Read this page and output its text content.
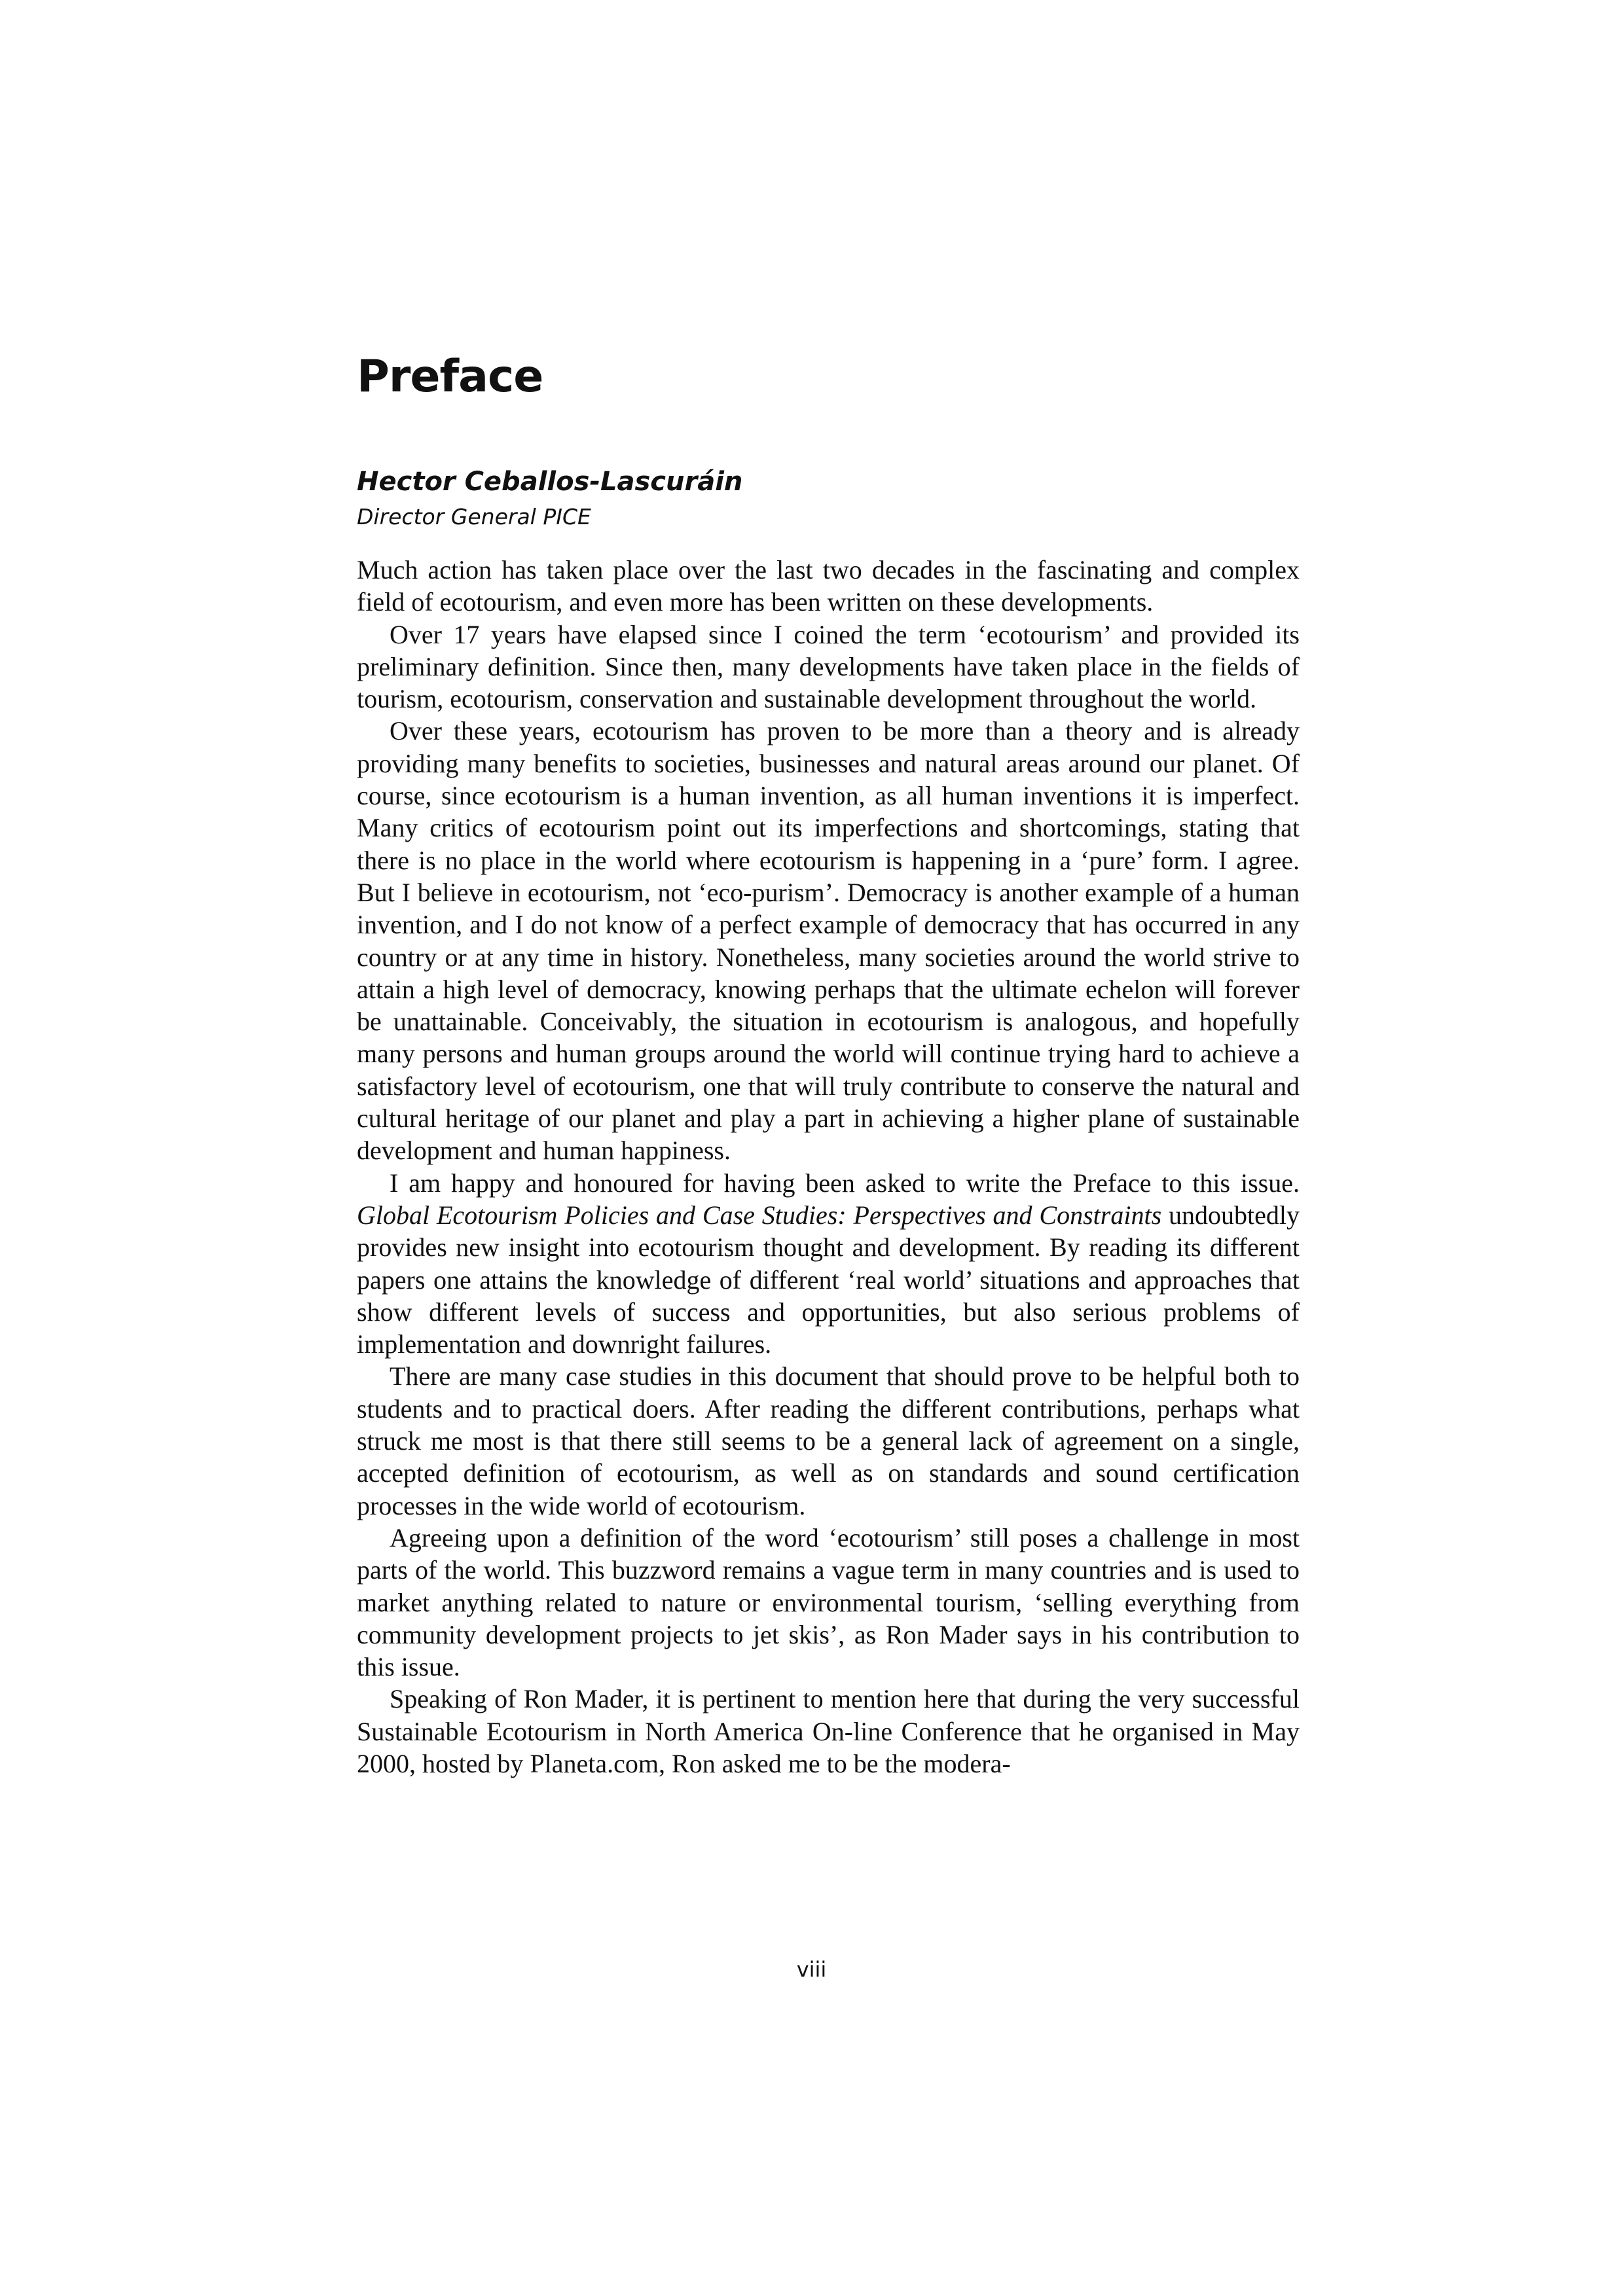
Preface

Hector Ceballos-Lascuráin

Director General PICE

Much action has taken place over the last two decades in the fascinating and complex field of ecotourism, and even more has been written on these developments.

Over 17 years have elapsed since I coined the term ‘ecotourism’ and provided its preliminary definition. Since then, many developments have taken place in the fields of tourism, ecotourism, conservation and sustainable development throughout the world.

Over these years, ecotourism has proven to be more than a theory and is already providing many benefits to societies, businesses and natural areas around our planet. Of course, since ecotourism is a human invention, as all human inventions it is imperfect. Many critics of ecotourism point out its imperfections and shortcomings, stating that there is no place in the world where ecotourism is happening in a ‘pure’ form. I agree. But I believe in ecotourism, not ‘eco-purism’. Democracy is another example of a human invention, and I do not know of a perfect example of democracy that has occurred in any country or at any time in history. Nonetheless, many societies around the world strive to attain a high level of democracy, knowing perhaps that the ultimate echelon will forever be unattainable. Conceivably, the situation in ecotourism is analogous, and hopefully many persons and human groups around the world will continue trying hard to achieve a satisfactory level of ecotourism, one that will truly contribute to conserve the natural and cultural heritage of our planet and play a part in achieving a higher plane of sustainable development and human happiness.

I am happy and honoured for having been asked to write the Preface to this issue. Global Ecotourism Policies and Case Studies: Perspectives and Constraints undoubtedly provides new insight into ecotourism thought and development. By reading its different papers one attains the knowledge of different ‘real world’ situations and approaches that show different levels of success and opportunities, but also serious problems of implementation and downright failures.

There are many case studies in this document that should prove to be helpful both to students and to practical doers. After reading the different contributions, perhaps what struck me most is that there still seems to be a general lack of agreement on a single, accepted definition of ecotourism, as well as on standards and sound certification processes in the wide world of ecotourism.

Agreeing upon a definition of the word ‘ecotourism’ still poses a challenge in most parts of the world. This buzzword remains a vague term in many countries and is used to market anything related to nature or environmental tourism, ‘selling everything from community development projects to jet skis’, as Ron Mader says in his contribution to this issue.

Speaking of Ron Mader, it is pertinent to mention here that during the very successful Sustainable Ecotourism in North America On-line Conference that he organised in May 2000, hosted by Planeta.com, Ron asked me to be the modera-

viii
